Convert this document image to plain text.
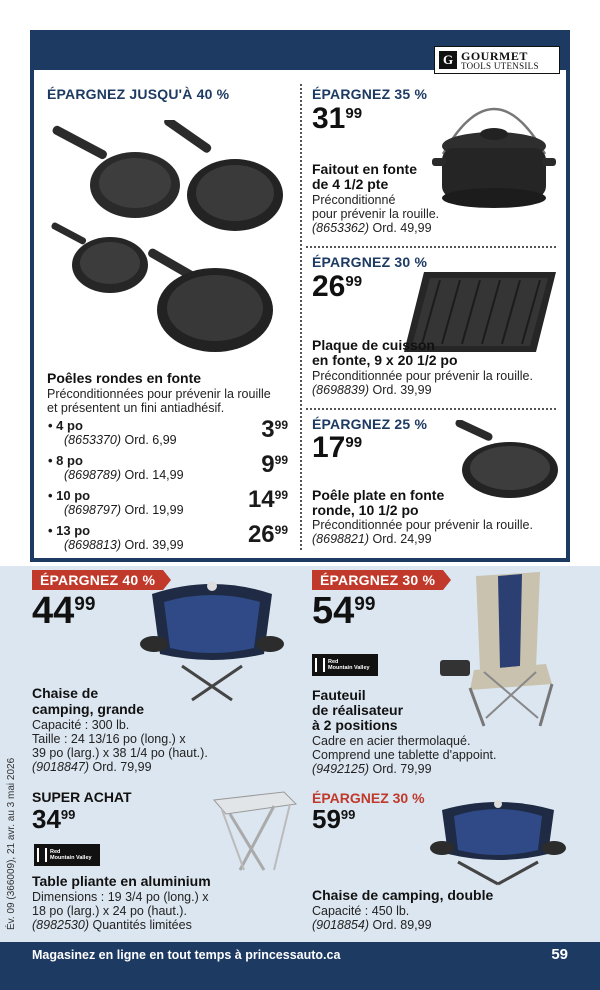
G GOURMET
TOOLS UTENSILS
ÉPARGNEZ JUSQU'À 40 %
Poêles rondes en fonte
Préconditionnées pour prévenir la rouille et présentent un fini antiadhésif.
• 4 po
(8653370) Ord. 6,99	$3^{99}$
• 8 po
(8698789) Ord. 14,99	$9^{99}$
• 10 po
(8698797) Ord. 19,99	$14^{99}$
• 13 po
(8698813) Ord. 39,99	$26^{99}$
ÉPARGNEZ 35 %
3199
Faitout en fonte
de 4 1/2 pte
Préconditionné
pour prévenir la rouille.
(8653362) Ord. 49,99
ÉPARGNEZ 30 %
2699
Plaque de cuisson
en fonte, 9 x 20 1/2 po
Préconditionnée pour prévenir la rouille.
(8698839) Ord. 39,99
ÉPARGNEZ 25 %
1799
Poêle plate en fonte
ronde, 10 1/2 po
Préconditionnée pour prévenir la rouille.
(8698821) Ord. 24,99
ÉPARGNEZ 40 %
4499
Chaise de
camping, grande
Capacité : 300 lb.
Taille : 24 13/16 po (long.) x
39 po (larg.) x 38 1/4 po (haut.).
(9018847) Ord. 79,99
SUPER ACHAT
$34^{99}$
Red
Mountain Valley
Table pliante en aluminium
Dimensions : 19 3/4 po (long.) x
18 po (larg.) x 24 po (haut.).
(8982530) Quantités limitées
ÉPARGNEZ 30 %
5499
Red
Mountain Valley
Fauteuil
de réalisateur
à 2 positions
Cadre en acier thermolaqué.
Comprend une tablette d'appoint.
(9492125) Ord. 79,99
ÉPARGNEZ 30 %
$59^{99}$
Chaise de camping, double
Capacité : 450 lb.
(9018854) Ord. 89,99
Év. 09 (366009), 21 avr. au 3 mai 2026
Magasinez en ligne en tout temps à princessauto.ca	59
